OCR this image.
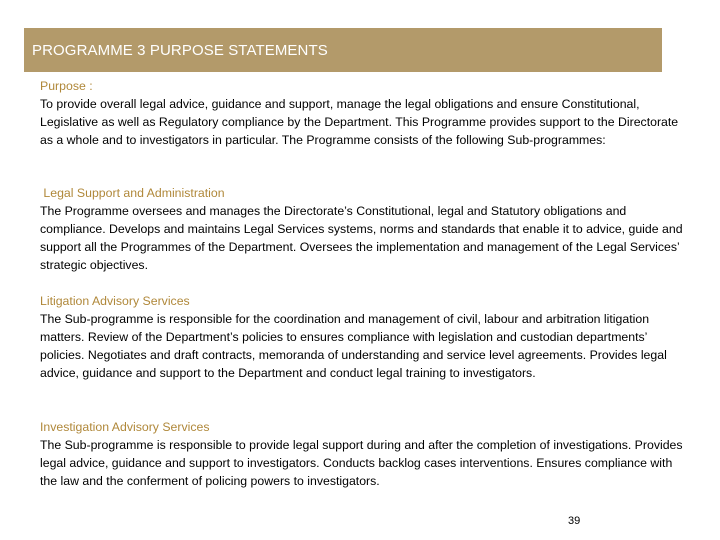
PROGRAMME 3 PURPOSE STATEMENTS
Purpose :
To provide overall legal advice, guidance and support, manage the legal obligations and ensure Constitutional, Legislative as well as Regulatory compliance by the Department. This Programme provides support to the Directorate as a whole and to investigators in particular. The Programme consists of the following Sub-programmes:
Legal Support and Administration
The Programme oversees and manages the Directorate’s Constitutional, legal and Statutory obligations and compliance. Develops and maintains Legal Services systems, norms and standards that enable it to advice, guide and support all the Programmes of the Department. Oversees the implementation and management of the Legal Services’ strategic objectives.
Litigation Advisory Services
The Sub-programme is responsible for the coordination and management of civil, labour and arbitration litigation matters. Review of the Department’s policies to ensures compliance with legislation and custodian departments’ policies. Negotiates and draft contracts, memoranda of understanding and service level agreements. Provides legal advice, guidance and support to the Department and conduct legal training to investigators.
Investigation Advisory Services
The Sub-programme is responsible to provide legal support during and after the completion of investigations. Provides legal advice, guidance and support to investigators. Conducts backlog cases interventions. Ensures compliance with the law and the conferment of policing powers to investigators.
39
